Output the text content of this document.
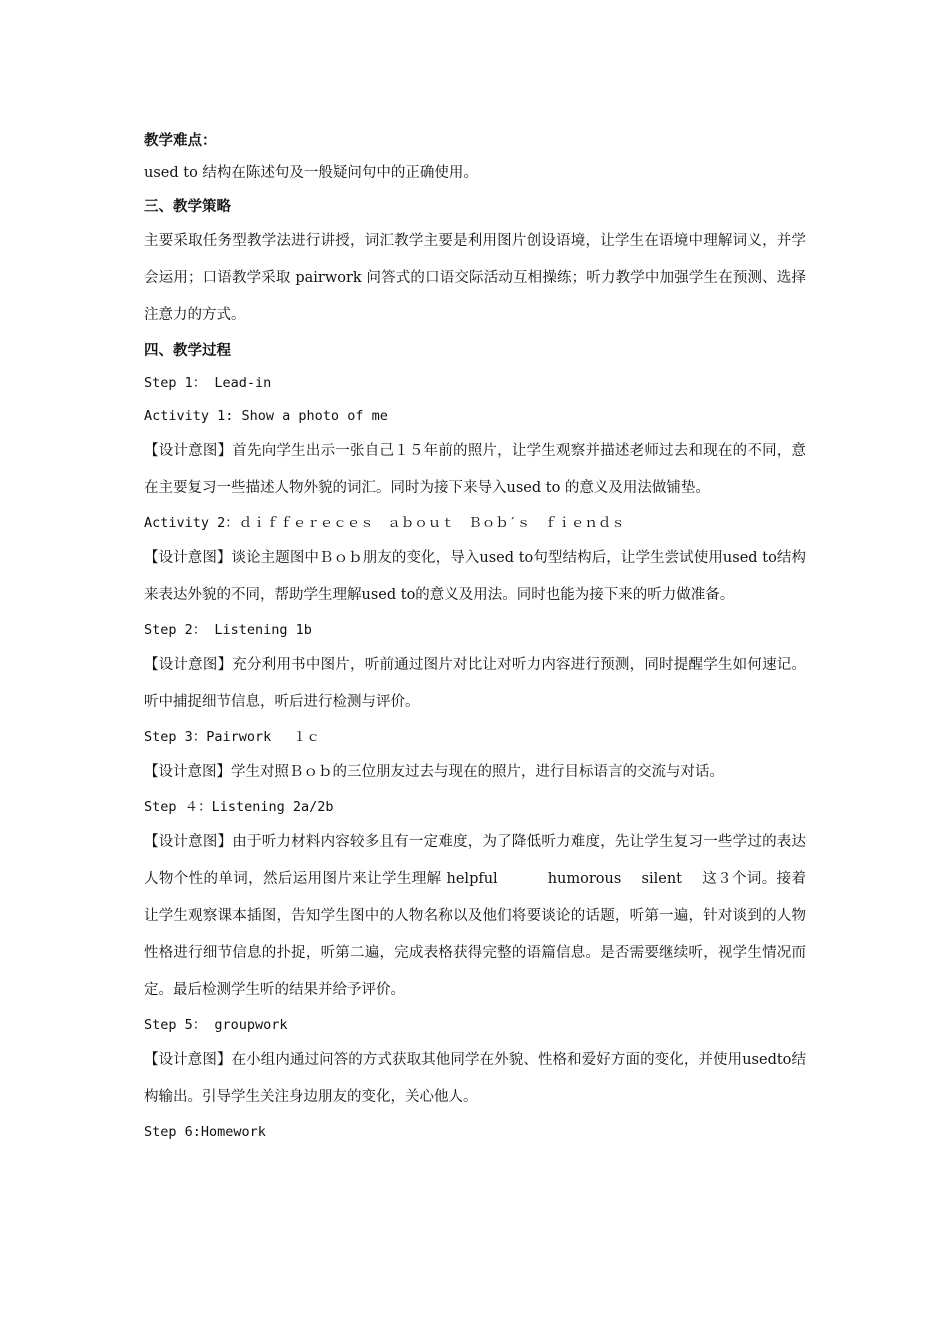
教学难点：
used to 结构在陈述句及一般疑问句中的正确使用。
三、教学策略
主要采取任务型教学法进行讲授，词汇教学主要是利用图片创设语境，让学生在语境中理解词义，并学会运用；口语教学采取 pairwork 问答式的口语交际活动互相操练；听力教学中加强学生在预测、选择注意力的方式。
四、教学过程
Step 1： Lead-in
Activity 1: Show a photo of me
【设计意图】首先向学生出示一张自己１５年前的照片，让学生观察并描述老师过去和现在的不同，意在主要复习一些描述人物外貌的词汇。同时为接下来导入used to 的意义及用法做铺垫。
Activity 2：ｄｉｆｆｅｒｅｃｅｓ　ａｂｏｕｔ　Ｂｏｂ′ｓ　ｆｉｅｎｄｓ
【设计意图】谈论主题图中Ｂｏｂ朋友的变化，导入used to句型结构后，让学生尝试使用used to结构来表达外貌的不同，帮助学生理解used to的意义及用法。同时也能为接下来的听力做准备。
Step 2： Listening 1b
【设计意图】充分利用书中图片，听前通过图片对比让对听力内容进行预测，同时提醒学生如何速记。听中捕捉细节信息，听后进行检测与评价。
Step 3：Pairwork　 １ｃ
【设计意图】学生对照Ｂｏｂ的三位朋友过去与现在的照片，进行目标语言的交流与对话。
Step ４：Listening 2a/2b
【设计意图】由于听力材料内容较多且有一定难度，为了降低听力难度，先让学生复习一些学过的表达人物个性的单词，然后运用图片来让学生理解 helpful　　　 humorous　 silent　 这３个词。接着让学生观察课本插图，告知学生图中的人物名称以及他们将要谈论的话题，听第一遍，针对谈到的人物性格进行细节信息的扑捉，听第二遍，完成表格获得完整的语篇信息。是否需要继续听，视学生情况而定。最后检测学生听的结果并给予评价。
Step 5： groupwork
【设计意图】在小组内通过问答的方式获取其他同学在外貌、性格和爱好方面的变化，并使用usedto结构输出。引导学生关注身边朋友的变化，关心他人。
Step 6:Homework
